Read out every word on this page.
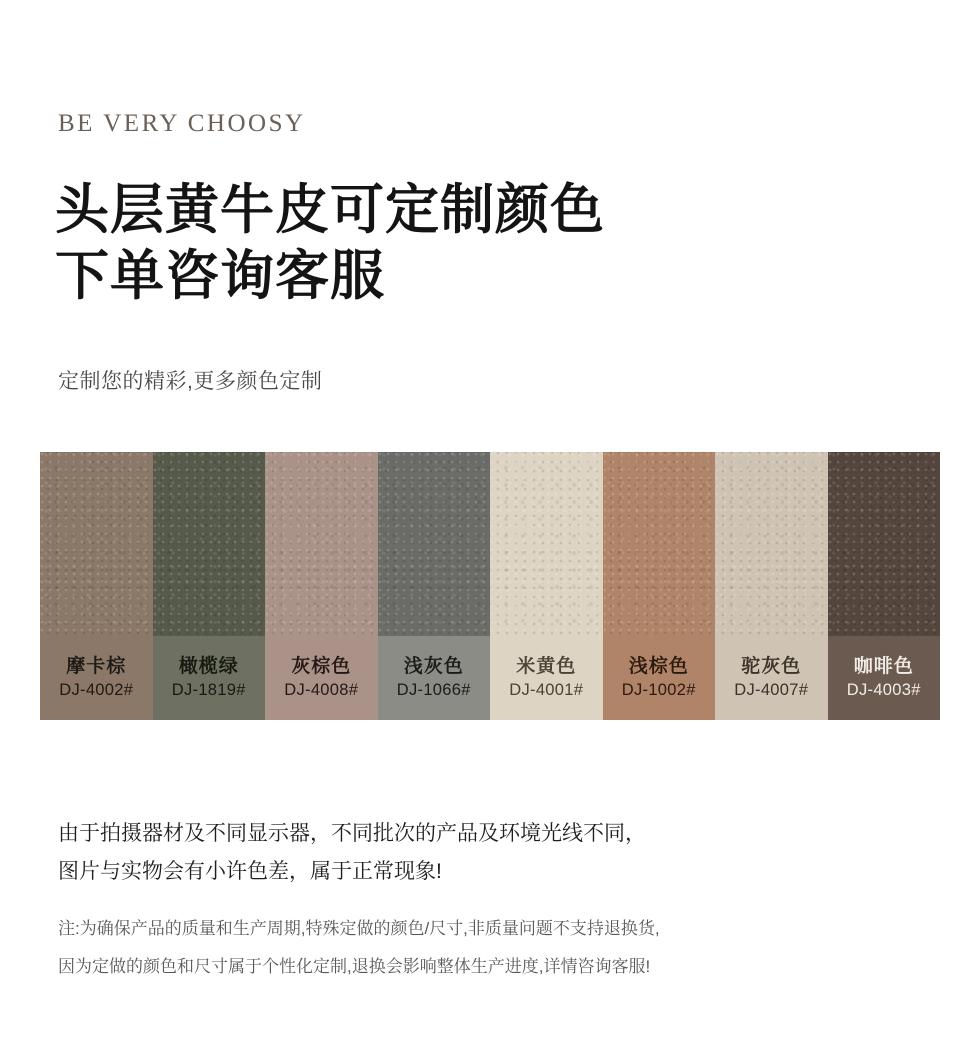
BE VERY CHOOSY
头层黄牛皮可定制颜色
下单咨询客服
定制您的精彩,更多颜色定制
摩卡棕
DJ-4002#
橄榄绿
DJ-1819#
灰棕色
DJ-4008#
浅灰色
DJ-1066#
米黄色
DJ-4001#
浅棕色
DJ-1002#
驼灰色
DJ-4007#
咖啡色
DJ-4003#
由于拍摄器材及不同显示器，不同批次的产品及环境光线不同，
图片与实物会有小许色差，属于正常现象!
注:为确保产品的质量和生产周期,特殊定做的颜色/尺寸,非质量问题不支持退换货,
因为定做的颜色和尺寸属于个性化定制,退换会影响整体生产进度,详情咨询客服!
